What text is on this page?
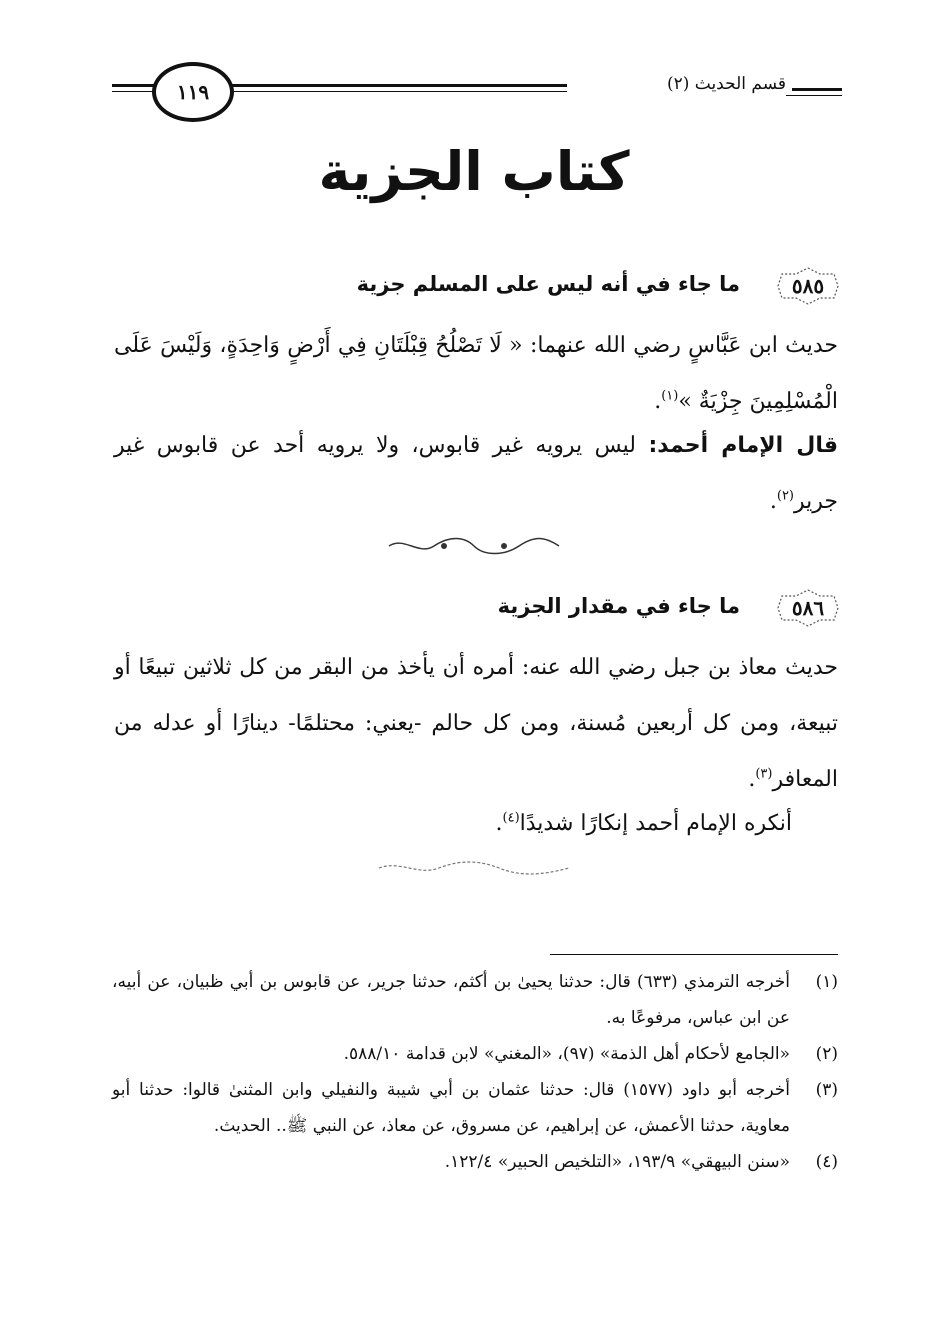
قسم الحديث (٢)
١١٩
كتاب الجزية
٥٨٥
ما جاء في أنه ليس على المسلم جزية
حديث ابن عَبَّاسٍ رضي الله عنهما: « لَا تَصْلُحُ قِبْلَتَانِ فِي أَرْضٍ وَاحِدَةٍ، وَلَيْسَ عَلَى الْمُسْلِمِينَ جِزْيَةٌ »$^{(١)}$.
قال الإمام أحمد: ليس يرويه غير قابوس، ولا يرويه أحد عن قابوس غير جرير$^{(٢)}$.
٥٨٦
ما جاء في مقدار الجزية
حديث معاذ بن جبل رضي الله عنه: أمره أن يأخذ من البقر من كل ثلاثين تبيعًا أو تبيعة، ومن كل أربعين مُسنة، ومن كل حالم -يعني: محتلمًا- دينارًا أو عدله من المعافر$^{(٣)}$.
أنكره الإمام أحمد إنكارًا شديدًا$^{(٤)}$.
(١)
أخرجه الترمذي (٦٣٣) قال: حدثنا يحيىٰ بن أكثم، حدثنا جرير، عن قابوس بن أبي ظبيان، عن أبيه، عن ابن عباس، مرفوعًا به.
(٢)
«الجامع لأحكام أهل الذمة» (٩٧)، «المغني» لابن قدامة ٥٨٨/١٠.
(٣)
أخرجه أبو داود (١٥٧٧) قال: حدثنا عثمان بن أبي شيبة والنفيلي وابن المثنىٰ قالوا: حدثنا أبو معاوية، حدثنا الأعمش، عن إبراهيم، عن مسروق، عن معاذ، عن النبي ﷺ.. الحديث.
(٤)
«سنن البيهقي» ١٩٣/٩، «التلخيص الحبير» ١٢٢/٤.
